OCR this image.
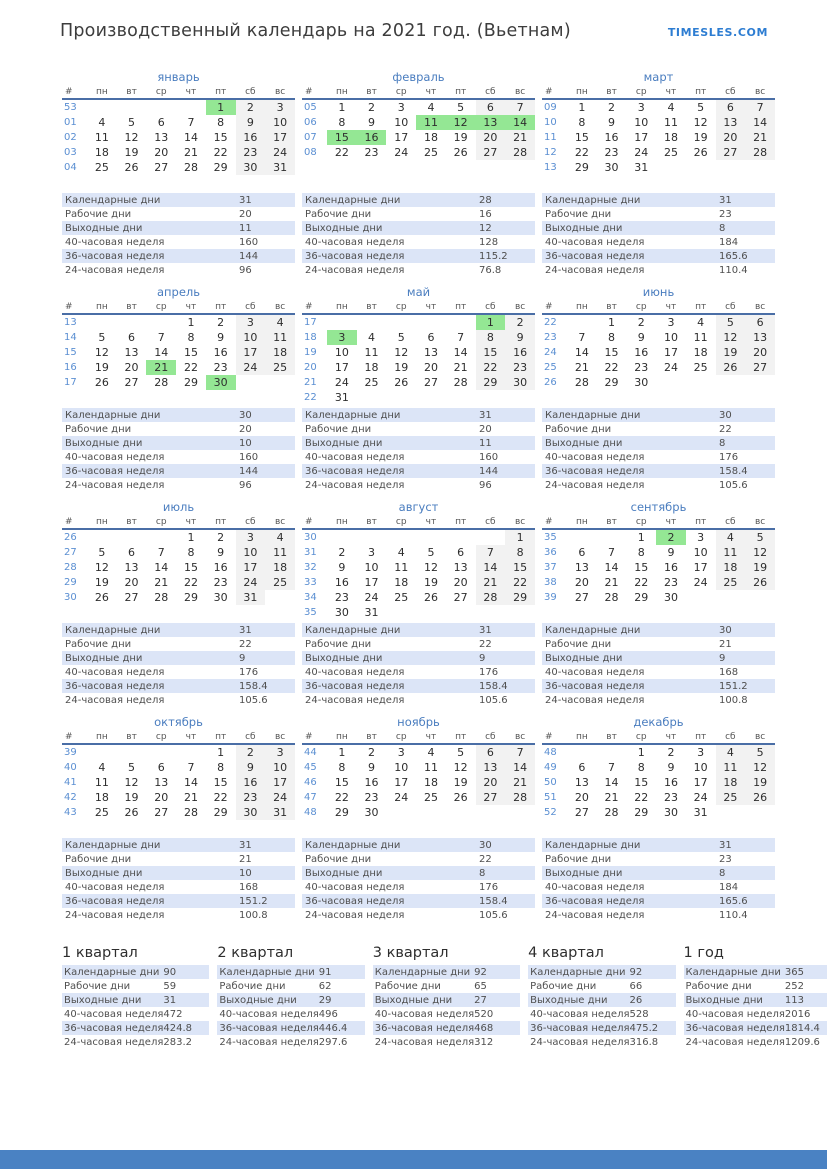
Производственный календарь на 2021 год. (Вьетнам)	TIMESLES.COM
январь
#	пн	вт	ср	чт	пт	сб	вс
53					1	2	3
01	4	5	6	7	8	9	10
02	11	12	13	14	15	16	17
03	18	19	20	21	22	23	24
04	25	26	27	28	29	30	31
февраль
#	пн	вт	ср	чт	пт	сб	вс
05	1	2	3	4	5	6	7
06	8	9	10	11	12	13	14
07	15	16	17	18	19	20	21
08	22	23	24	25	26	27	28
март
#	пн	вт	ср	чт	пт	сб	вс
09	1	2	3	4	5	6	7
10	8	9	10	11	12	13	14
11	15	16	17	18	19	20	21
12	22	23	24	25	26	27	28
13	29	30	31				
Календарные дни	31
Рабочие дни	20
Выходные дни	11
40-часовая неделя	160
36-часовая неделя	144
24-часовая неделя	96
Календарные дни	28
Рабочие дни	16
Выходные дни	12
40-часовая неделя	128
36-часовая неделя	115.2
24-часовая неделя	76.8
Календарные дни	31
Рабочие дни	23
Выходные дни	8
40-часовая неделя	184
36-часовая неделя	165.6
24-часовая неделя	110.4
апрель
#	пн	вт	ср	чт	пт	сб	вс
13				1	2	3	4
14	5	6	7	8	9	10	11
15	12	13	14	15	16	17	18
16	19	20	21	22	23	24	25
17	26	27	28	29	30		
май
#	пн	вт	ср	чт	пт	сб	вс
17						1	2
18	3	4	5	6	7	8	9
19	10	11	12	13	14	15	16
20	17	18	19	20	21	22	23
21	24	25	26	27	28	29	30
22	31						
июнь
#	пн	вт	ср	чт	пт	сб	вс
22		1	2	3	4	5	6
23	7	8	9	10	11	12	13
24	14	15	16	17	18	19	20
25	21	22	23	24	25	26	27
26	28	29	30				
Календарные дни	30
Рабочие дни	20
Выходные дни	10
40-часовая неделя	160
36-часовая неделя	144
24-часовая неделя	96
Календарные дни	31
Рабочие дни	20
Выходные дни	11
40-часовая неделя	160
36-часовая неделя	144
24-часовая неделя	96
Календарные дни	30
Рабочие дни	22
Выходные дни	8
40-часовая неделя	176
36-часовая неделя	158.4
24-часовая неделя	105.6
июль
#	пн	вт	ср	чт	пт	сб	вс
26				1	2	3	4
27	5	6	7	8	9	10	11
28	12	13	14	15	16	17	18
29	19	20	21	22	23	24	25
30	26	27	28	29	30	31	
август
#	пн	вт	ср	чт	пт	сб	вс
30							1
31	2	3	4	5	6	7	8
32	9	10	11	12	13	14	15
33	16	17	18	19	20	21	22
34	23	24	25	26	27	28	29
35	30	31					
сентябрь
#	пн	вт	ср	чт	пт	сб	вс
35			1	2	3	4	5
36	6	7	8	9	10	11	12
37	13	14	15	16	17	18	19
38	20	21	22	23	24	25	26
39	27	28	29	30			
Календарные дни	31
Рабочие дни	22
Выходные дни	9
40-часовая неделя	176
36-часовая неделя	158.4
24-часовая неделя	105.6
Календарные дни	31
Рабочие дни	22
Выходные дни	9
40-часовая неделя	176
36-часовая неделя	158.4
24-часовая неделя	105.6
Календарные дни	30
Рабочие дни	21
Выходные дни	9
40-часовая неделя	168
36-часовая неделя	151.2
24-часовая неделя	100.8
октябрь
#	пн	вт	ср	чт	пт	сб	вс
39					1	2	3
40	4	5	6	7	8	9	10
41	11	12	13	14	15	16	17
42	18	19	20	21	22	23	24
43	25	26	27	28	29	30	31
ноябрь
#	пн	вт	ср	чт	пт	сб	вс
44	1	2	3	4	5	6	7
45	8	9	10	11	12	13	14
46	15	16	17	18	19	20	21
47	22	23	24	25	26	27	28
48	29	30					
декабрь
#	пн	вт	ср	чт	пт	сб	вс
48			1	2	3	4	5
49	6	7	8	9	10	11	12
50	13	14	15	16	17	18	19
51	20	21	22	23	24	25	26
52	27	28	29	30	31		
Календарные дни	31
Рабочие дни	21
Выходные дни	10
40-часовая неделя	168
36-часовая неделя	151.2
24-часовая неделя	100.8
Календарные дни	30
Рабочие дни	22
Выходные дни	8
40-часовая неделя	176
36-часовая неделя	158.4
24-часовая неделя	105.6
Календарные дни	31
Рабочие дни	23
Выходные дни	8
40-часовая неделя	184
36-часовая неделя	165.6
24-часовая неделя	110.4
1 квартал
Календарные дни 90
Рабочие дни	59
Выходные дни	31
40-часовая неделя 472
36-часовая неделя 424.8
24-часовая неделя 283.2
2 квартал
Календарные дни 91
Рабочие дни	62
Выходные дни	29
40-часовая неделя 496
36-часовая неделя 446.4
24-часовая неделя 297.6
3 квартал
Календарные дни 92
Рабочие дни	65
Выходные дни	27
40-часовая неделя 520
36-часовая неделя 468
24-часовая неделя 312
4 квартал
Календарные дни 92
Рабочие дни	66
Выходные дни	26
40-часовая неделя 528
36-часовая неделя 475.2
24-часовая неделя 316.8
1 год
Календарные дни 365
Рабочие дни	252
Выходные дни	113
40-часовая неделя 2016
36-часовая неделя 1814.4
24-часовая неделя 1209.6
